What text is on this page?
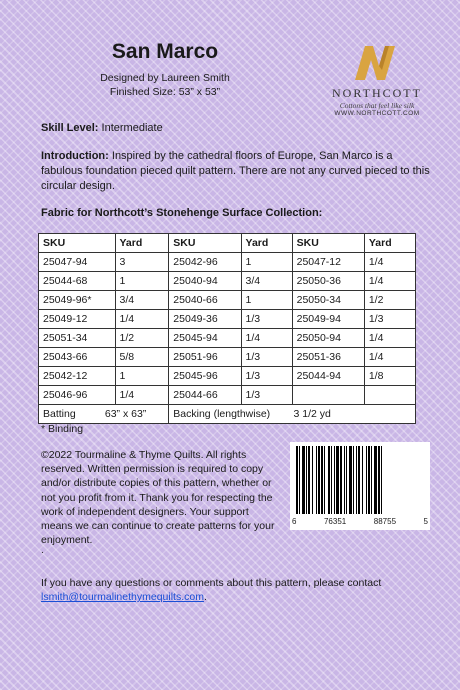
San Marco
Designed by Laureen Smith
Finished Size: 53” x 53”	NORTHCOTT
Cottons that feel like silk
WWW.NORTHCOTT.COM
Skill Level: Intermediate
Introduction: Inspired by the cathedral floors of Europe, San Marco is a fabulous foundation pieced quilt pattern. There are not any curved pieced to this circular design.
Fabric for Northcott’s Stonehenge Surface Collection:
SKU	Yard	SKU	Yard	SKU	Yard
25047-94	3	25042-96	1	25047-12	1/4
25044-68	1	25040-94	3/4	25050-36	1/4
25049-96*	3/4	25040-66	1	25050-34	1/2
25049-12	1/4	25049-36	1/3	25049-94	1/3
25051-34	1/2	25045-94	1/4	25050-94	1/4
25043-66	5/8	25051-96	1/3	25051-36	1/4
25042-12	1	25045-96	1/3	25044-94	1/8
25046-96	1/4	25044-66	1/3		
Batting          63” x 63”		Backing (lengthwise)        3 1/2 yd			
* Binding
©2022 Tourmaline & Thyme Quilts. All rights reserved. Written permission is required to copy and/or distribute copies of this pattern, whether or not you profit from it. Thank you for respecting the work of independent designers. Your support means we can continue to create patterns for your enjoyment.
6	76351	88755	5
.
If you have any questions or comments about this pattern, please contact lsmith@tourmalinethymequilts.com.
